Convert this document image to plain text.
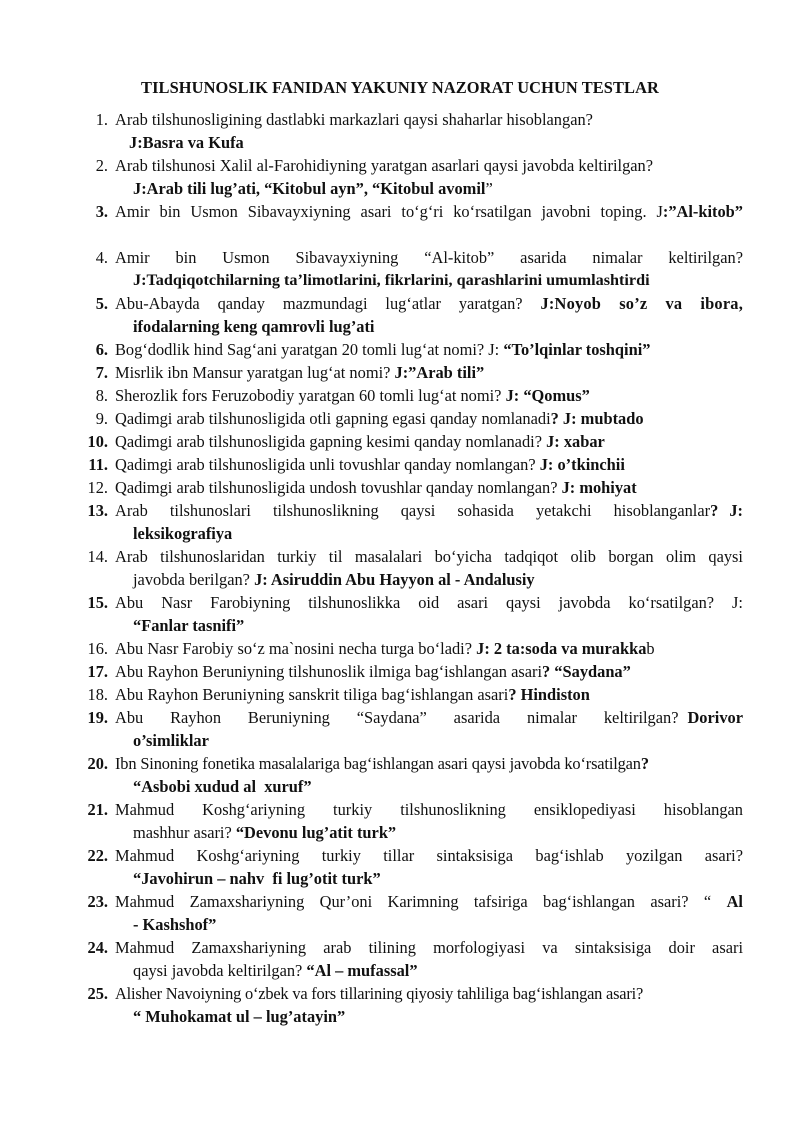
TILSHUNOSLIK FANIDAN YAKUNIY NAZORAT UCHUN TESTLAR
1. Arab tilshunosligining dastlabki markazlari qaysi shaharlar hisoblangan?
J:Basra va Kufa
2. Arab tilshunosi Xalil al-Farohidiyning yaratgan asarlari qaysi javobda keltirilgan?
J:Arab tili lug’ati, “Kitobul ayn”, “Kitobul avomil”
3. Amir bin Usmon Sibavayxiyning asari to‘g‘ri ko‘rsatilgan javobni toping. J:”Al-kitob”
4. Amir bin Usmon Sibavayxiyning “Al-kitob” asarida nimalar keltirilgan?
J:Tadqiqotchilarning ta’limotlarini, fikrlarini, qarashlarini umumlashtirdi
5. Abu-Abayda qanday mazmundagi lug‘atlar yaratgan? J:Noyob so’z va ibora,
ifodalarning keng qamrovli lug’ati
6. Bog‘dodlik hind Sag‘ani yaratgan 20 tomli lug‘at nomi? J: “To’lqinlar toshqini”
7. Misrlik ibn Mansur yaratgan lug‘at nomi? J:”Arab tili”
8. Sherozlik fors Feruzobodiy yaratgan 60 tomli lug‘at nomi? J: “Qomus”
9. Qadimgi arab tilshunosligida otli gapning egasi qanday nomlanadi? J: mubtado
10. Qadimgi arab tilshunosligida gapning kesimi qanday nomlanadi? J: xabar
11. Qadimgi arab tilshunosligida unli tovushlar qanday nomlangan? J: o’tkinchii
12. Qadimgi arab tilshunosligida undosh tovushlar qanday nomlangan? J: mohiyat
13. Arab  tilshunoslari  tilshunoslikning  qaysi  sohasida  yetakchi  hisoblanganlar? J:
leksikografiya
14. Arab tilshunoslaridan turkiy til masalalari bo‘yicha tadqiqot olib borgan olim qaysi
javobda berilgan? J: Asiruddin Abu Hayyon al - Andalusiy
15. Abu Nasr Farobiyning tilshunoslikka oid asari qaysi javobda ko‘rsatilgan? J:
“Fanlar tasnifi”
16. Abu Nasr Farobiy so‘z ma`nosini necha turga bo‘ladi? J: 2 ta:soda va murakkab
17. Abu Rayhon Beruniyning tilshunoslik ilmiga bag‘ishlangan asari? “Saydana”
18. Abu Rayhon Beruniyning sanskrit tiliga bag‘ishlangan asari? Hindiston
19. Abu   Rayhon   Beruniyning   “Saydana”   asarida   nimalar   keltirilgan? Dorivor
o’simliklar
20. Ibn Sinoning fonetika masalalariga bag‘ishlangan asari qaysi javobda ko‘rsatilgan?
“Asbobi xudud al  xuruf”
21. Mahmud Koshg‘ariyning turkiy tilshunoslikning ensiklopediyasi hisoblangan
mashhur asari? “Devonu lug’atit turk”
22. Mahmud Koshg‘ariyning turkiy tillar sintaksisiga bag‘ishlab yozilgan asari?
“Javohirun – nahv  fi lug’otit turk”
23. Mahmud Zamaxshariyning Qur’oni Karimning tafsiriga bag‘ishlangan asari? “ Al
- Kashshof”
24. Mahmud Zamaxshariyning arab tilining morfologiyasi va sintaksisiga doir asari
qaysi javobda keltirilgan? “Al – mufassal”
25. Alisher Navoiyning o‘zbek va fors tillarining qiyosiy tahliliga bag‘ishlangan asari?
“ Muhokamat ul – lug’atayin”
